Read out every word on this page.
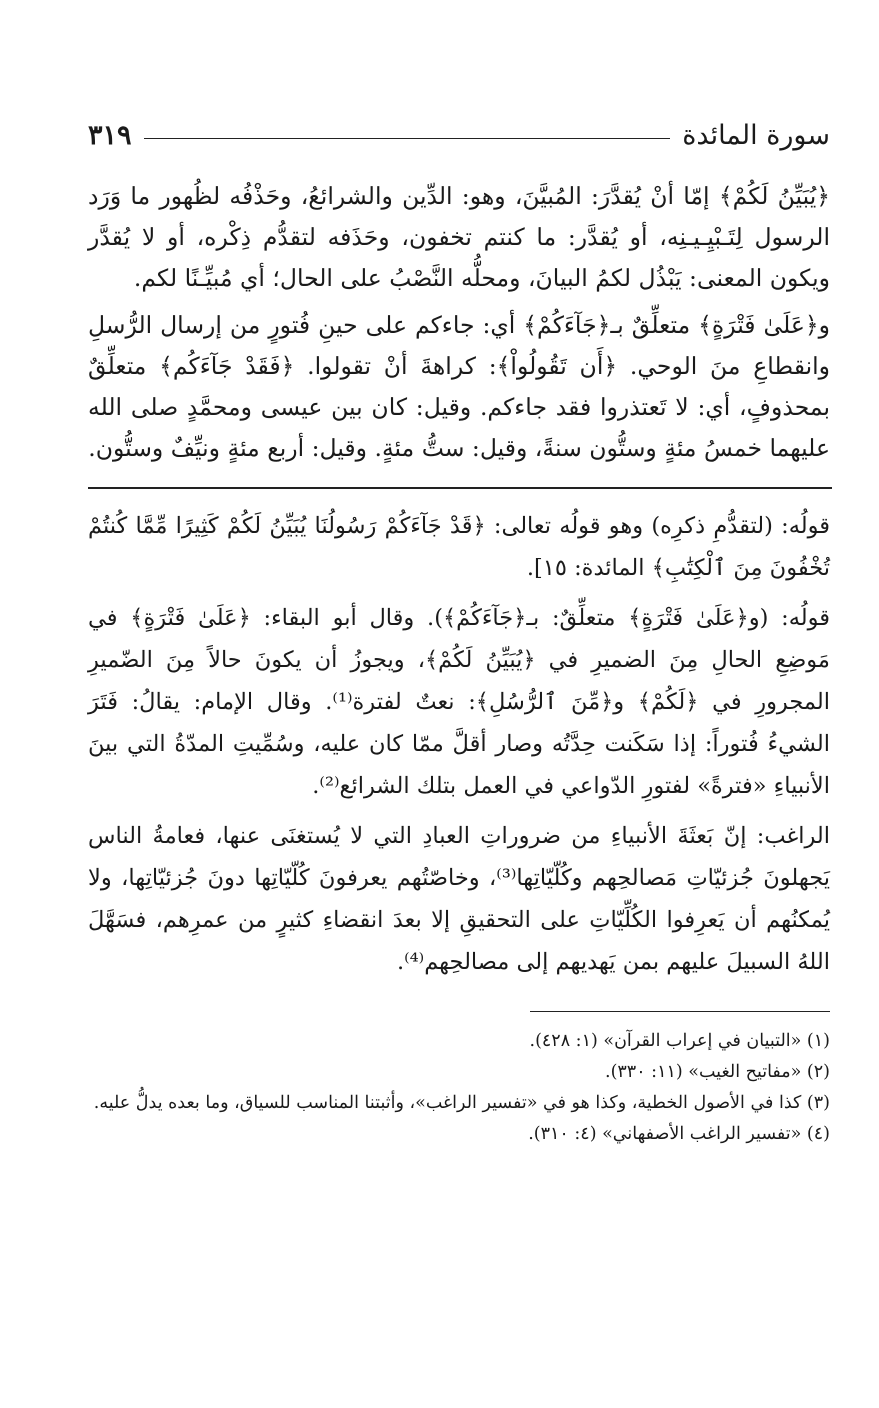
سورة المائدة
٣١٩

﴿يُبَيِّنُ لَكُمْ﴾ إمّا أنْ يُقدَّرَ: المُبيَّنَ، وهو: الدِّين والشرائعُ، وحَذْفُه لظُهور ما وَرَد الرسول لِتَـبْيِـيـنِه، أو يُقدَّر: ما كنتم تخفون، وحَذَفه لتقدُّم ذِكْره، أو لا يُقدَّر ويكون المعنى: يَبْذُل لكمُ البيانَ، ومحلُّه النَّصْبُ على الحال؛ أي مُبيِّـنًا لكم.

و﴿عَلَىٰ فَتْرَةٍ﴾ متعلِّقٌ بـ﴿جَآءَكُمْ﴾ أي: جاءكم على حينِ فُتورٍ من إرسال الرُّسلِ وانقطاعِ منَ الوحي. ﴿أَن تَقُولُواْ﴾: كراهةَ أنْ تقولوا. ﴿فَقَدْ جَآءَكُم﴾ متعلِّقٌ بمحذوفٍ، أي: لا تَعتذروا فقد جاءكم. وقيل: كان بين عيسى ومحمَّدٍ صلى الله عليهما خمسُ مئةٍ وستُّون سنةً، وقيل: ستُّ مئةٍ. وقيل: أربع مئةٍ ونيِّفٌ وستُّون.

قولُه: (لتقدُّمِ ذكرِه) وهو قولُه تعالى: ﴿قَدْ جَآءَكُمْ رَسُولُنَا يُبَيِّنُ لَكُمْ كَثِيرًا مِّمَّا كُنتُمْ تُخْفُونَ مِنَ ٱلْكِتَٰبِ﴾ المائدة: ١٥].

قولُه: (و﴿عَلَىٰ فَتْرَةٍ﴾ متعلِّقٌ: بـ﴿جَآءَكُمْ﴾). وقال أبو البقاء: ﴿عَلَىٰ فَتْرَةٍ﴾ في مَوضِعِ الحالِ مِنَ الضميرِ في ﴿يُبَيِّنُ لَكُمْ﴾، ويجوزُ أن يكونَ حالاً مِنَ الضّميرِ المجرورِ في ﴿لَكُمْ﴾ و﴿مِّنَ ٱلرُّسُلِ﴾: نعتٌ لفترة⁽¹⁾. وقال الإمام: يقالُ: فَتَرَ الشيءُ فُتوراً: إذا سَكَنت حِدَّتُه وصار أقلَّ ممّا كان عليه، وسُمِّيتِ المدّةُ التي بينَ الأنبياءِ «فترةً» لفتورِ الدّواعي في العمل بتلك الشرائع⁽²⁾.

الراغب: إنّ بَعثَةَ الأنبياءِ من ضروراتِ العبادِ التي لا يُستغنَى عنها، فعامةُ الناس يَجهلونَ جُزئيّاتِ مَصالحِهم وكُلّيّاتِها⁽³⁾، وخاصّتُهم يعرفونَ كُلّيّاتِها دونَ جُزئيّاتِها، ولا يُمكنُهم أن يَعرِفوا الكُلِّيّاتِ على التحقيقِ إلا بعدَ انقضاءِ كثيرٍ من عمرِهم، فسَهَّلَ اللهُ السبيلَ عليهم بمن يَهديهم إلى مصالحِهم⁽⁴⁾.

(١) «التبيان في إعراب القرآن» (١: ٤٢٨).

(٢) «مفاتيح الغيب» (١١: ٣٣٠).

(٣) كذا في الأصول الخطية، وكذا هو في «تفسير الراغب»، وأثبتنا المناسب للسياق، وما بعده يدلُّ عليه.

(٤) «تفسير الراغب الأصفهاني» (٤: ٣١٠).
